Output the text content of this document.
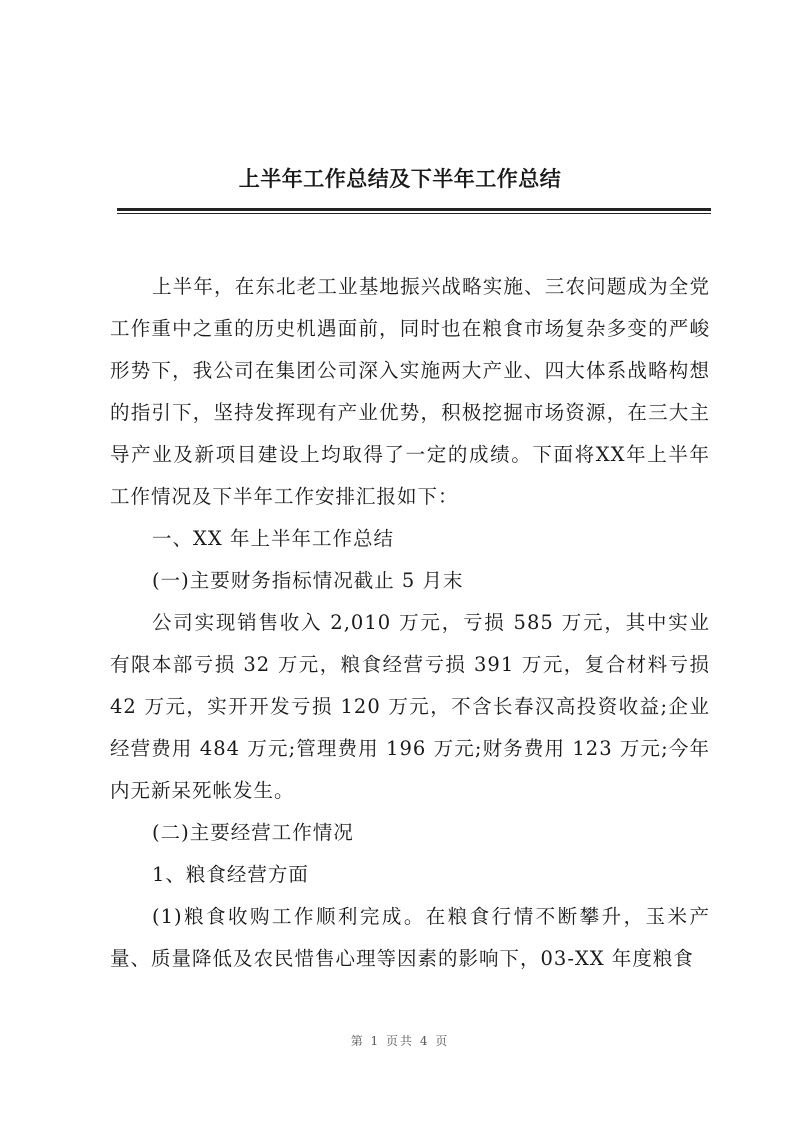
上半年工作总结及下半年工作总结

上半年，在东北老工业基地振兴战略实施、三农问题成为全党工作重中之重的历史机遇面前，同时也在粮食市场复杂多变的严峻形势下，我公司在集团公司深入实施两大产业、四大体系战略构想的指引下，坚持发挥现有产业优势，积极挖掘市场资源，在三大主导产业及新项目建设上均取得了一定的成绩。下面将XX年上半年工作情况及下半年工作安排汇报如下：

一、XX 年上半年工作总结

(一)主要财务指标情况截止 5 月末

公司实现销售收入 2,010 万元，亏损 585 万元，其中实业有限本部亏损 32 万元，粮食经营亏损 391 万元，复合材料亏损 42 万元，实开开发亏损 120 万元，不含长春汉高投资收益;企业经营费用 484 万元;管理费用 196 万元;财务费用 123 万元;今年内无新呆死帐发生。

(二)主要经营工作情况

1、粮食经营方面

(1)粮食收购工作顺利完成。在粮食行情不断攀升，玉米产量、质量降低及农民惜售心理等因素的影响下，03-XX 年度粮食

第 1 页共 4 页
